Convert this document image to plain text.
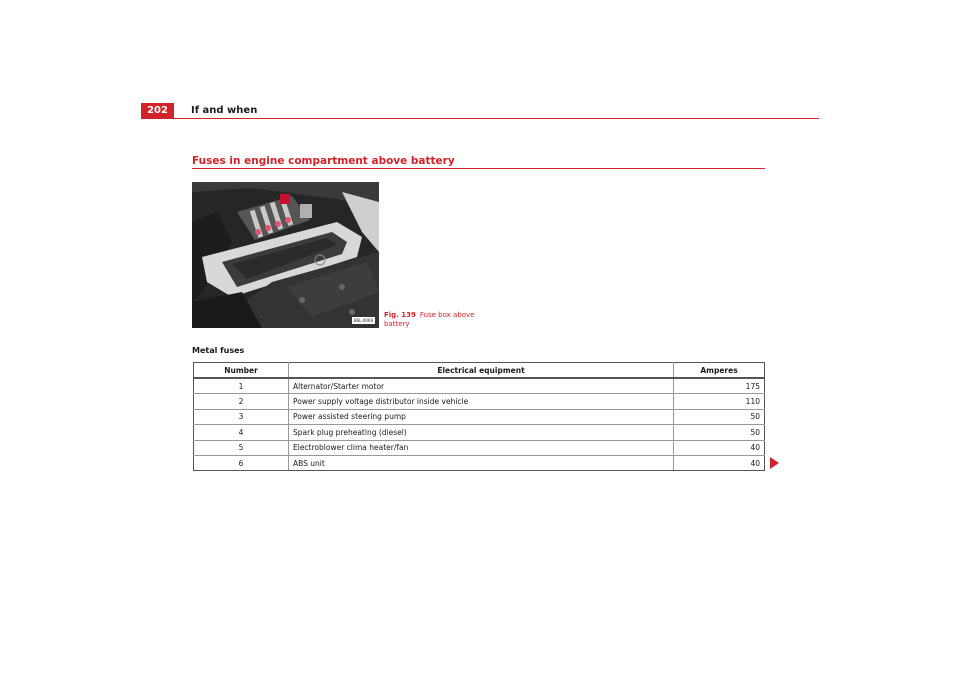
202	If and when
Fuses in engine compartment above battery
B6L-0069
Fig. 139 Fuse box above battery
Metal fuses
Number	Electrical equipment	Amperes
1	Alternator/Starter motor	175
2	Power supply voltage distributor inside vehicle	110
3	Power assisted steering pump	50
4	Spark plug preheating (diesel)	50
5	Electroblower clima heater/fan	40
6	ABS unit	40
